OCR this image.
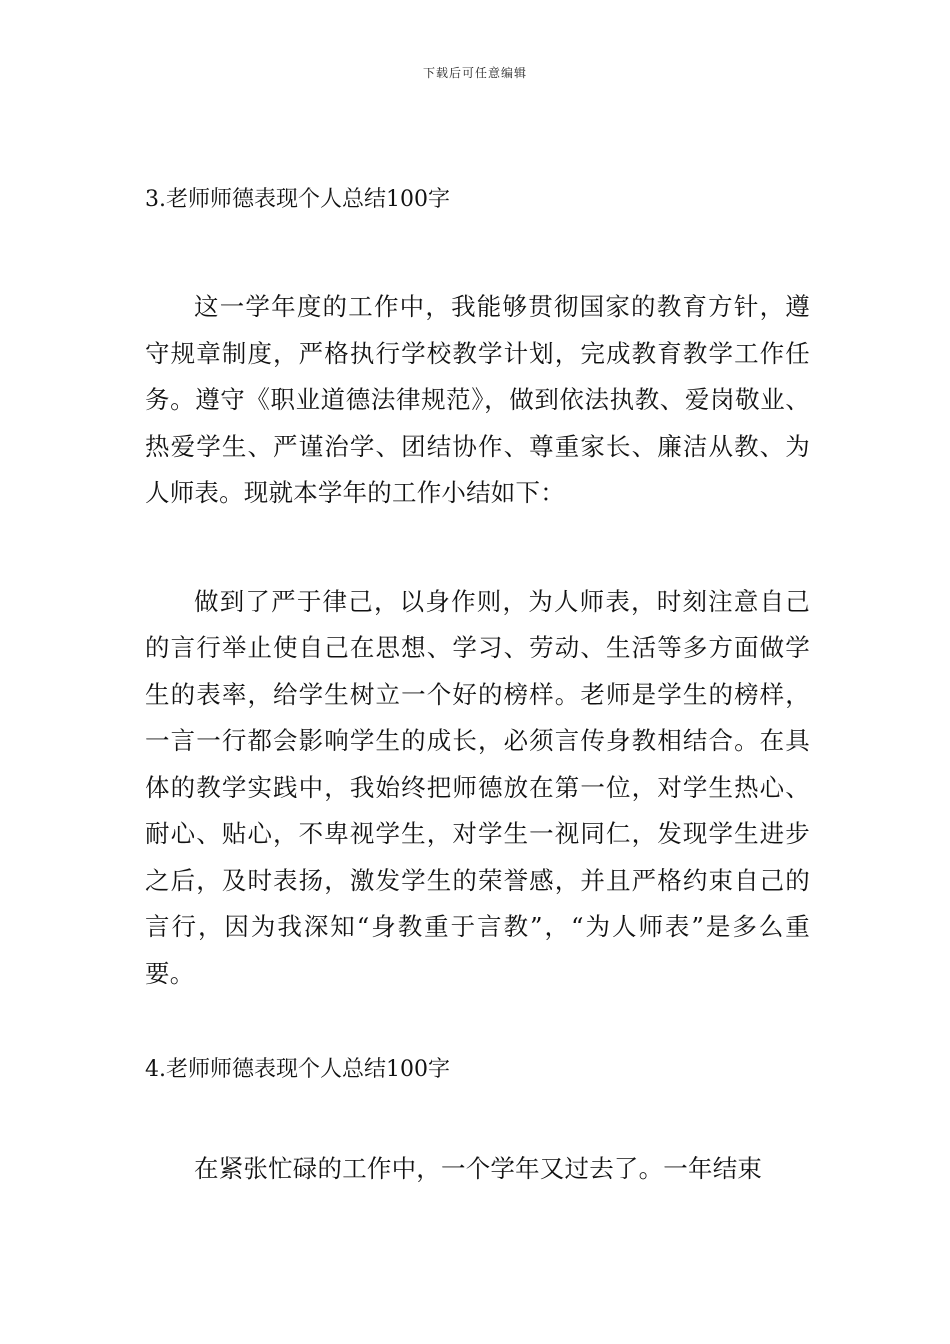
下载后可任意编辑
3.老师师德表现个人总结100字

这一学年度的工作中，我能够贯彻国家的教育方针，遵守规章制度，严格执行学校教学计划，完成教育教学工作任务。遵守《职业道德法律规范》，做到依法执教、爱岗敬业、热爱学生、严谨治学、团结协作、尊重家长、廉洁从教、为人师表。现就本学年的工作小结如下：

做到了严于律己，以身作则，为人师表，时刻注意自己的言行举止使自己在思想、学习、劳动、生活等多方面做学生的表率，给学生树立一个好的榜样。老师是学生的榜样，一言一行都会影响学生的成长，必须言传身教相结合。在具体的教学实践中，我始终把师德放在第一位，对学生热心、耐心、贴心，不卑视学生，对学生一视同仁，发现学生进步之后，及时表扬，激发学生的荣誉感，并且严格约束自己的言行，因为我深知“身教重于言教”，“为人师表”是多么重要。

4.老师师德表现个人总结100字

在紧张忙碌的工作中，一个学年又过去了。一年结束
